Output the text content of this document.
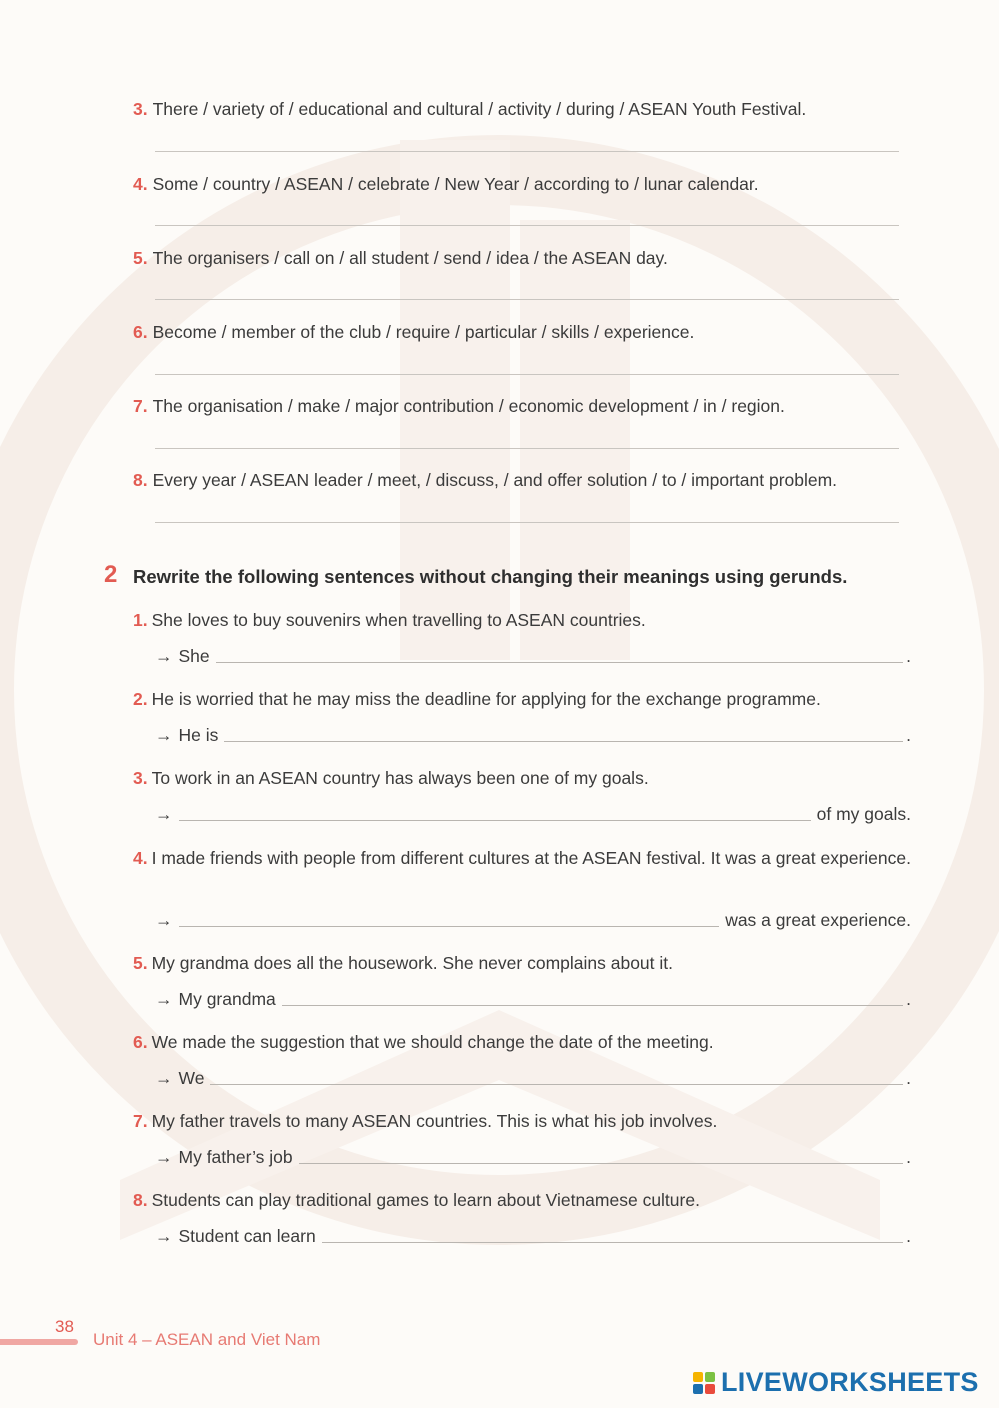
3. There / variety of / educational and cultural / activity / during / ASEAN Youth Festival.
4. Some / country / ASEAN / celebrate / New Year / according to / lunar calendar.
5. The organisers / call on / all student / send / idea / the ASEAN day.
6. Become / member of the club / require / particular / skills / experience.
7. The organisation / make / major contribution / economic development / in / region.
8. Every year / ASEAN leader / meet, / discuss, / and offer solution / to / important problem.
2 Rewrite the following sentences without changing their meanings using gerunds.
1. She loves to buy souvenirs when travelling to ASEAN countries.
→ She	.
2. He is worried that he may miss the deadline for applying for the exchange programme.
→ He is	.
3. To work in an ASEAN country has always been one of my goals.
→	of my goals.
4. I made friends with people from different cultures at the ASEAN festival. It was a great experience.
→	was a great experience.
5. My grandma does all the housework. She never complains about it.
→ My grandma	.
6. We made the suggestion that we should change the date of the meeting.
→ We	.
7. My father travels to many ASEAN countries. This is what his job involves.
→ My father’s job	.
8. Students can play traditional games to learn about Vietnamese culture.
→ Student can learn	.
38
Unit 4 – ASEAN and Viet Nam
LIVEWORKSHEETS
